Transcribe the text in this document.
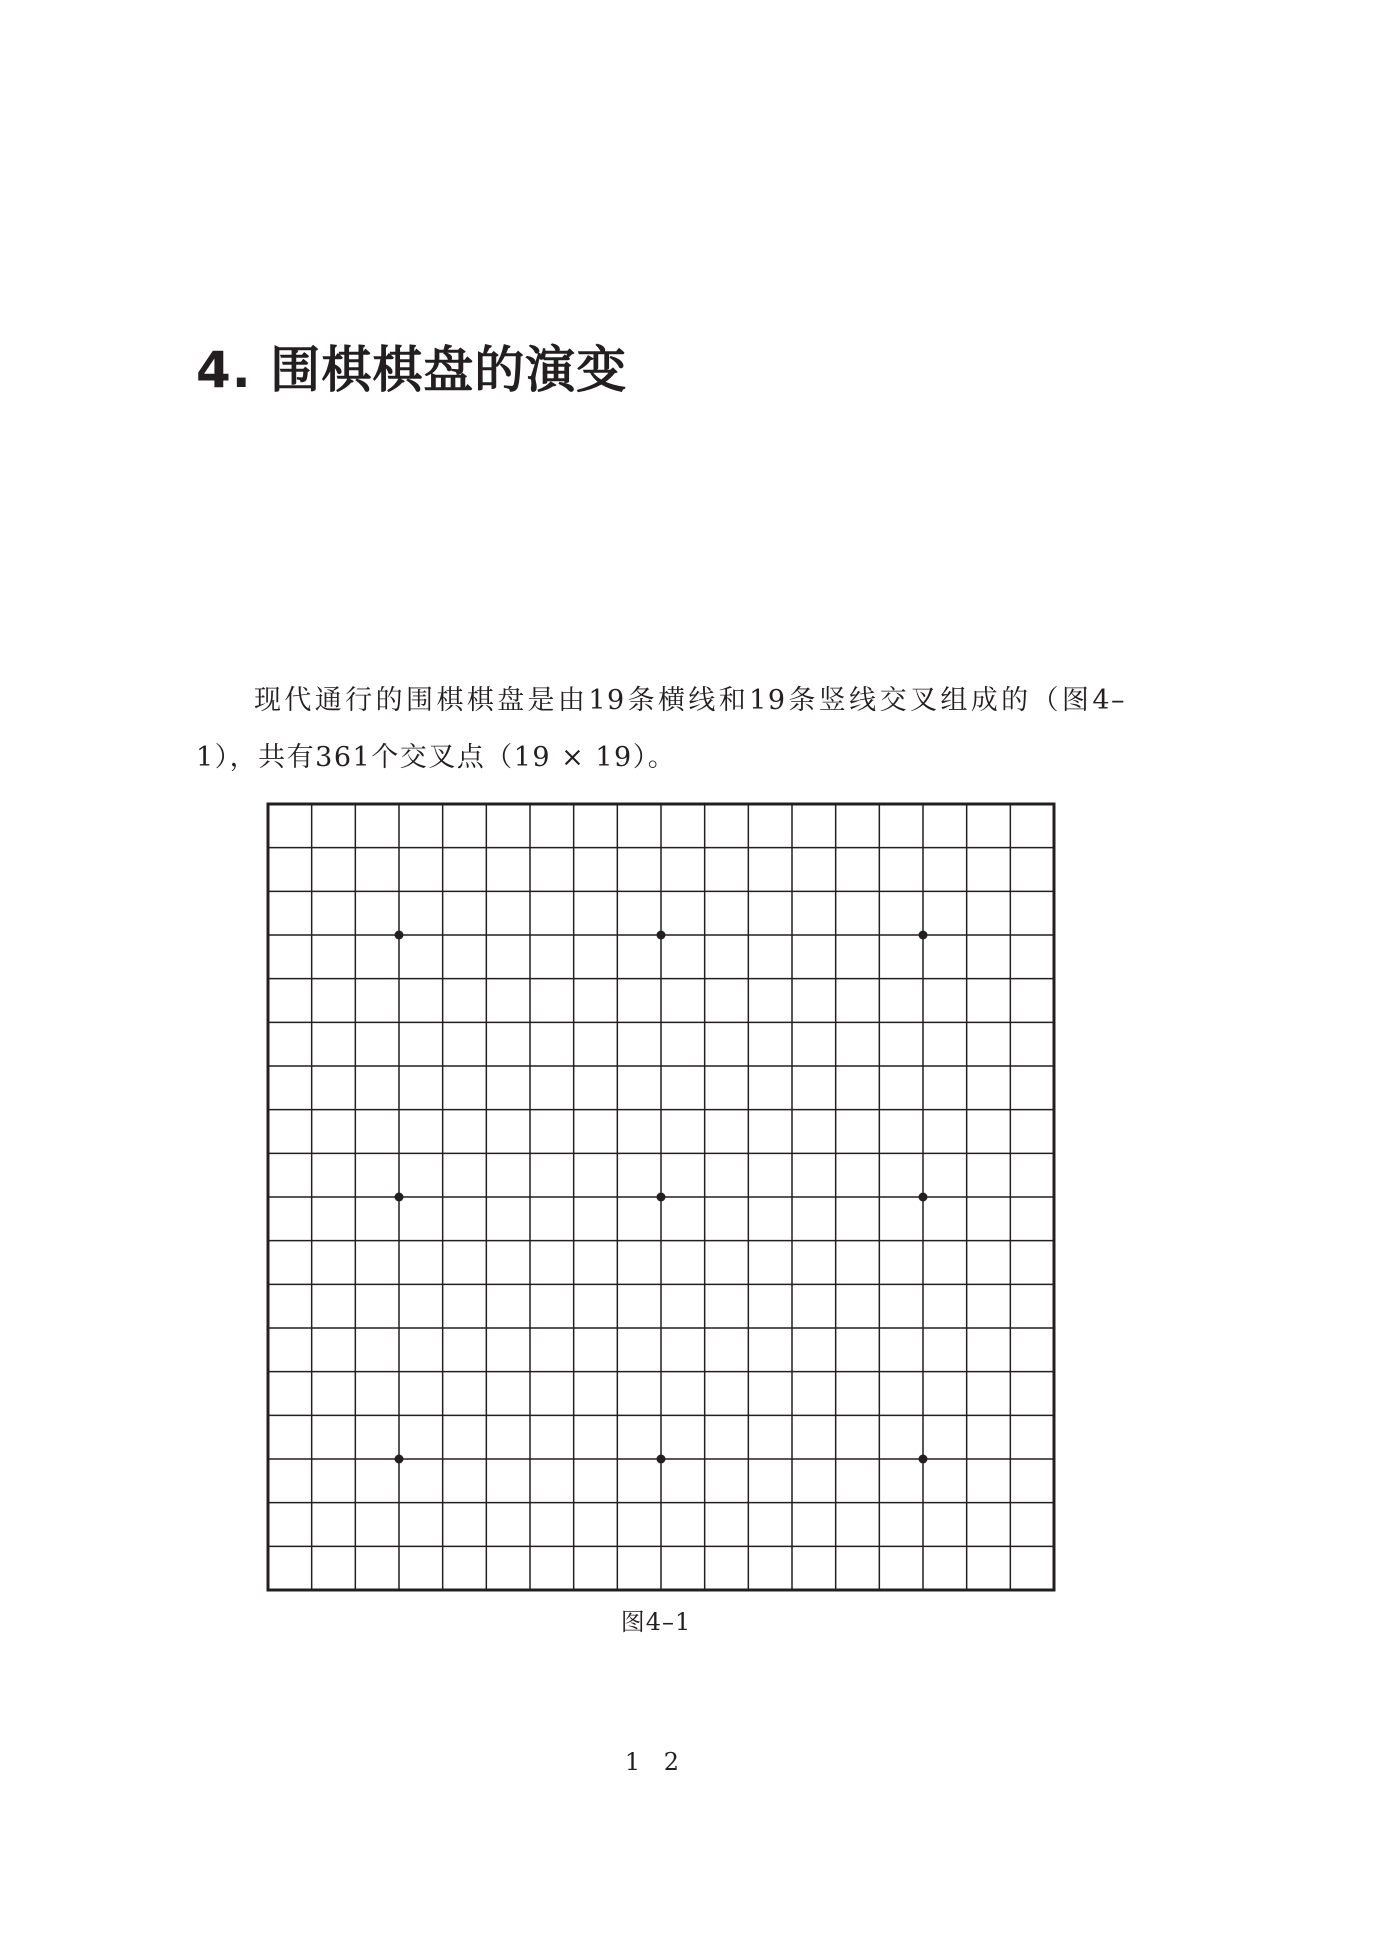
4. 围棋棋盘的演变

现代通行的围棋棋盘是由19条横线和19条竖线交叉组成的（图4–1），共有361个交叉点（19 × 19）。

图4–1

1 2
